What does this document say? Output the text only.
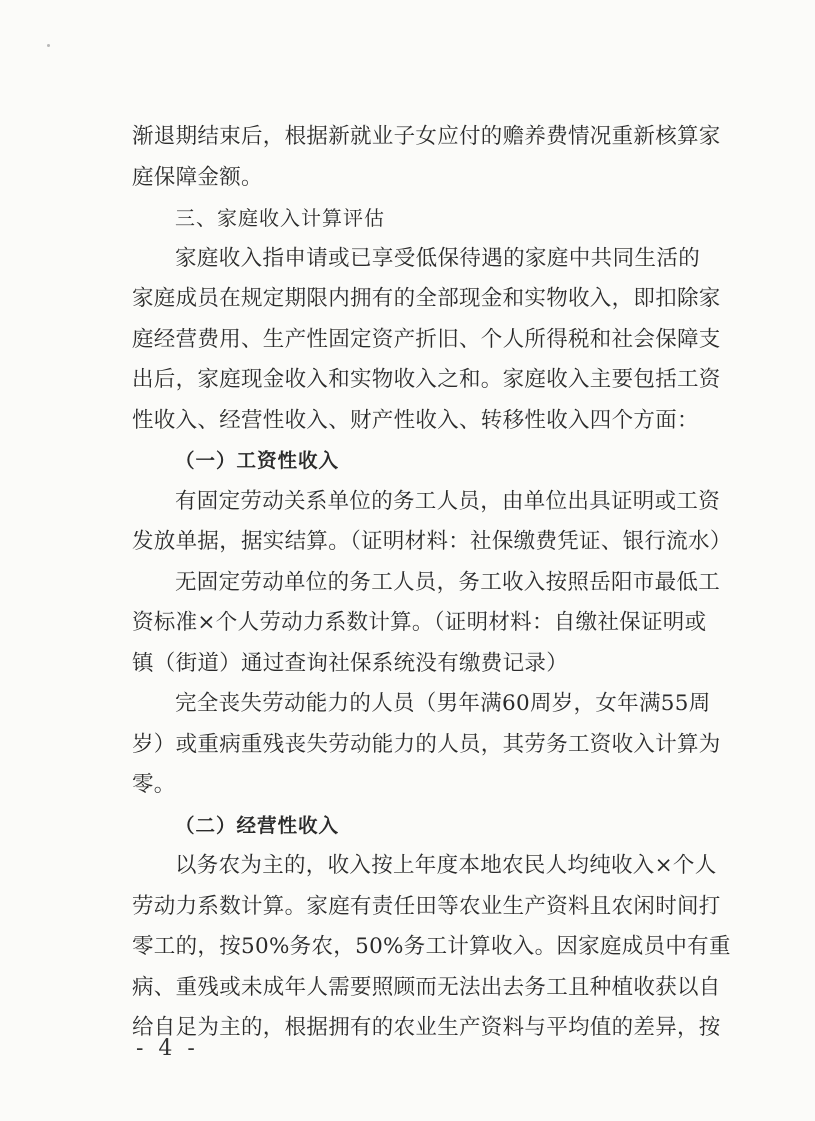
渐退期结束后，根据新就业子女应付的赡养费情况重新核算家
庭保障金额。
三、家庭收入计算评估
家庭收入指申请或已享受低保待遇的家庭中共同生活的
家庭成员在规定期限内拥有的全部现金和实物收入，即扣除家
庭经营费用、生产性固定资产折旧、个人所得税和社会保障支
出后，家庭现金收入和实物收入之和。家庭收入主要包括工资
性收入、经营性收入、财产性收入、转移性收入四个方面：
（一）工资性收入
有固定劳动关系单位的务工人员，由单位出具证明或工资
发放单据，据实结算。（证明材料：社保缴费凭证、银行流水）
无固定劳动单位的务工人员，务工收入按照岳阳市最低工
资标准×个人劳动力系数计算。（证明材料：自缴社保证明或
镇（街道）通过查询社保系统没有缴费记录）
完全丧失劳动能力的人员（男年满60周岁，女年满55周
岁）或重病重残丧失劳动能力的人员，其劳务工资收入计算为
零。
（二）经营性收入
以务农为主的，收入按上年度本地农民人均纯收入×个人
劳动力系数计算。家庭有责任田等农业生产资料且农闲时间打
零工的，按50%务农，50%务工计算收入。因家庭成员中有重
病、重残或未成年人需要照顾而无法出去务工且种植收获以自
给自足为主的，根据拥有的农业生产资料与平均值的差异，按
- 4 -
